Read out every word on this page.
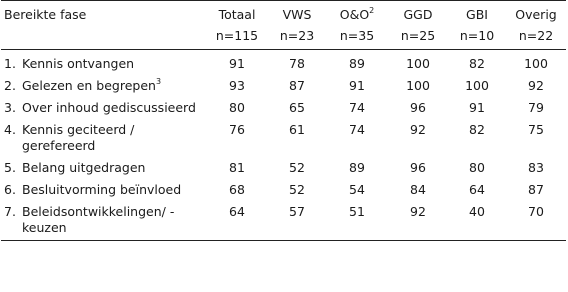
Bereikte fase	Totaal	VWS	$O\&O^2$	GGD	GBI	Overig
	n=115	n=23	n=35	n=25	n=10	n=22

1. Kennis ontvangen	91	78	89	100	82	100

2. Gelezen en begrepen$^3$	93	87	91	100	100	92

3. Over inhoud gediscussieerd	80	65	74	96	91	79

4. Kennis geciteerd / gerefereerd	76	61	74	92	82	75

5. Belang uitgedragen	81	52	89	96	80	83

6. Besluitvorming beïnvloed	68	52	54	84	64	87

7. Beleidsontwikkelingen/ -keuzen	64	57	51	92	40	70
